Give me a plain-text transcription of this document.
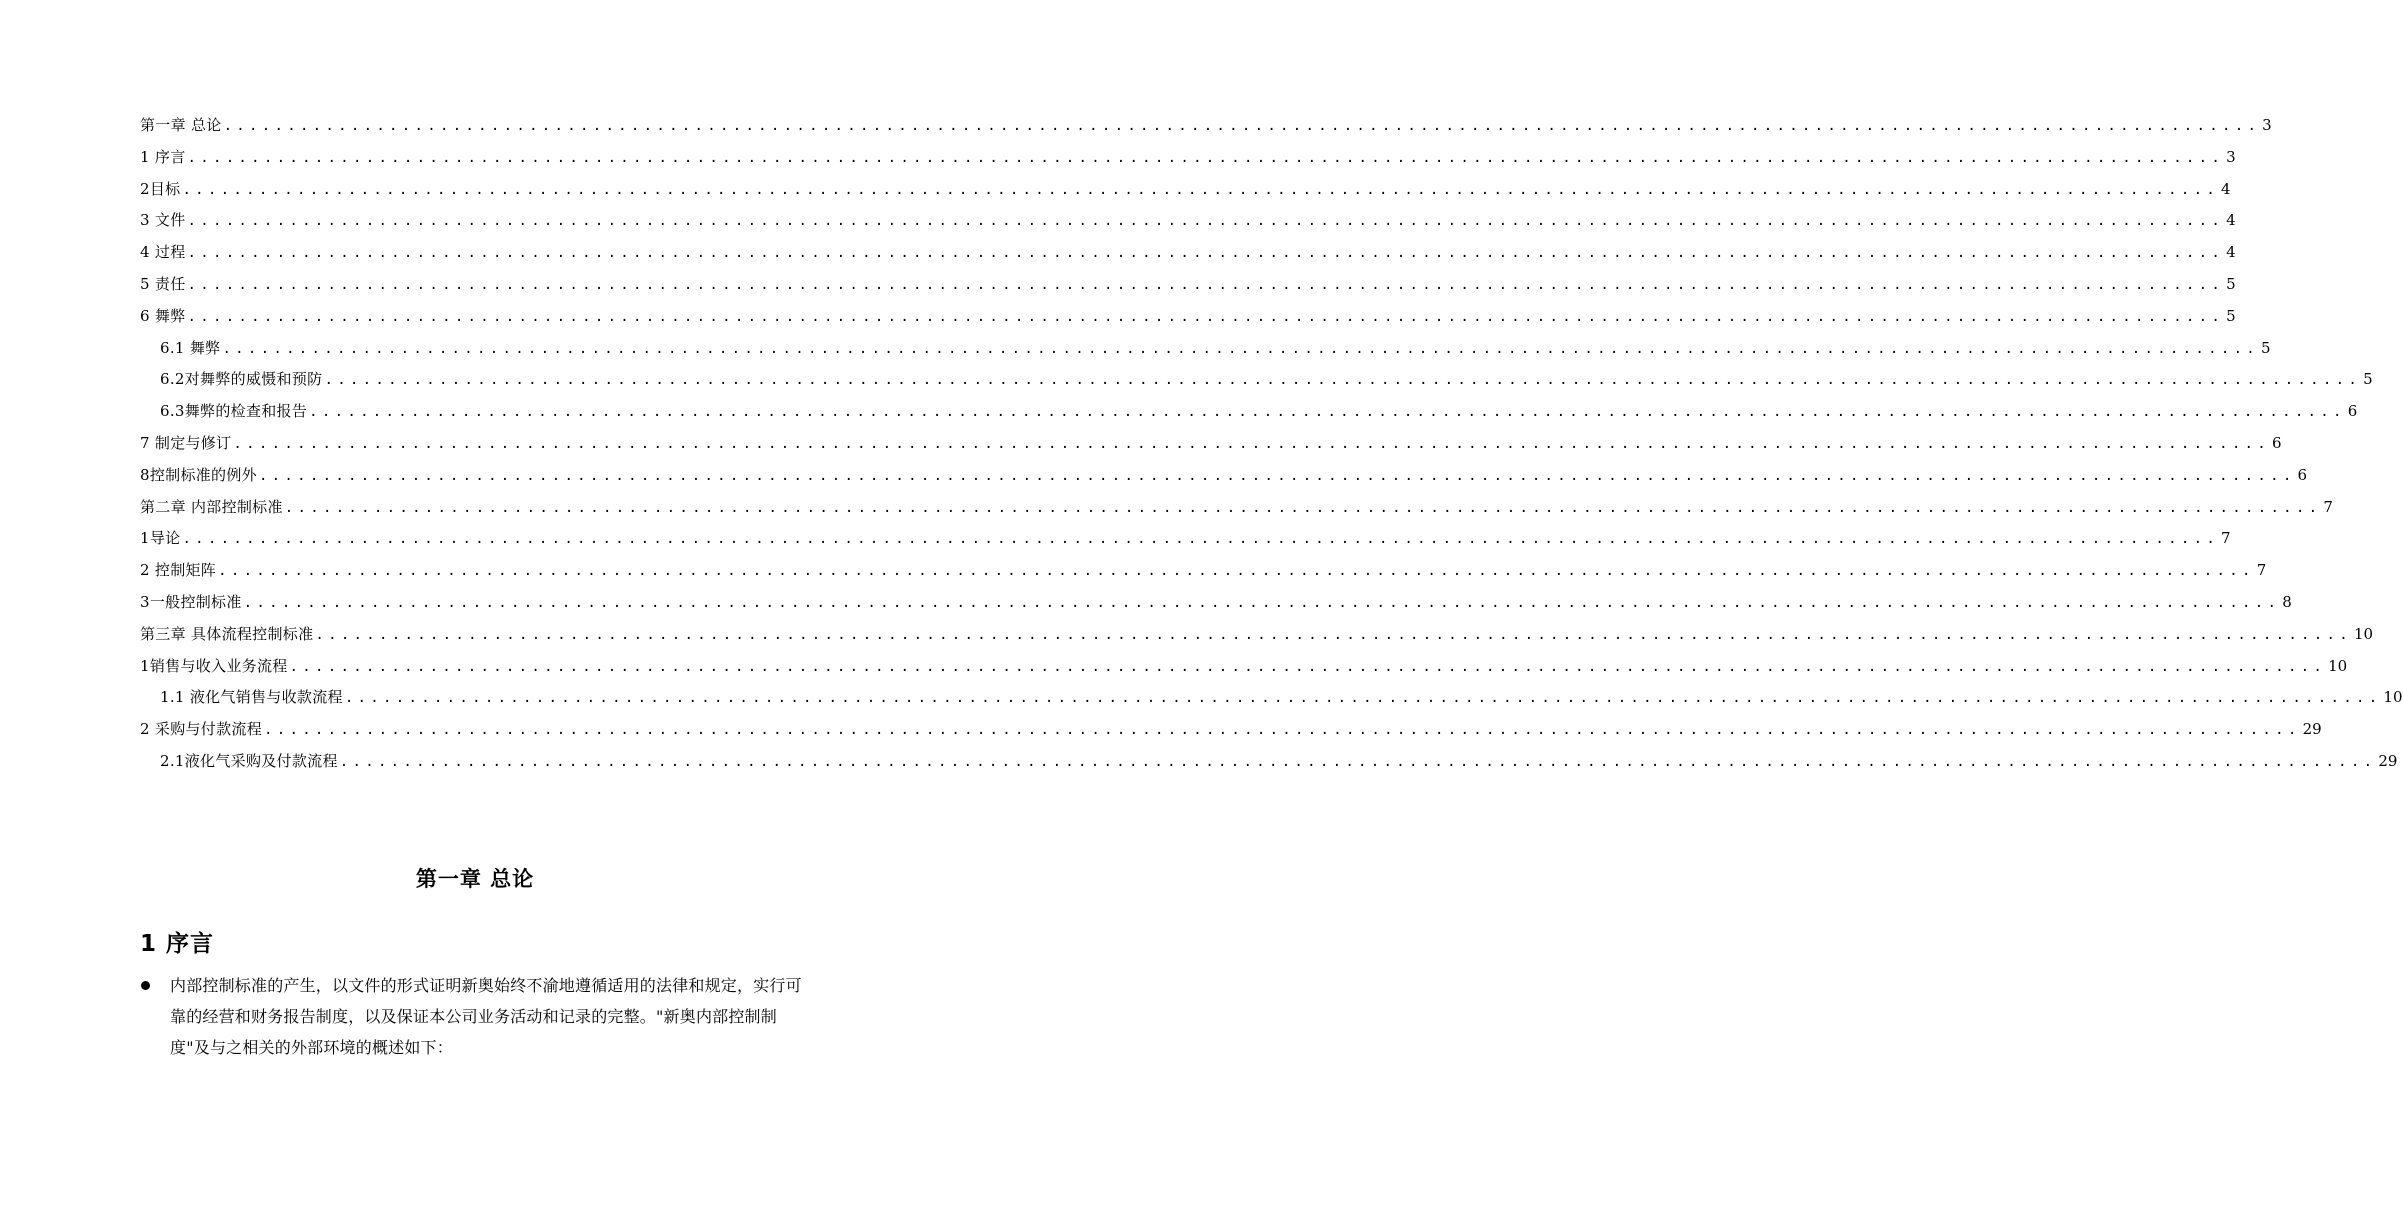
第一章 总论 ................................................................................................................................................................ 3
1 序言 ................................................................................................................................................................ 3
2目标 ................................................................................................................................................................ 4
3 文件 ................................................................................................................................................................ 4
4 过程 ................................................................................................................................................................ 4
5 责任 ................................................................................................................................................................ 5
6 舞弊 ................................................................................................................................................................ 5
6.1 舞弊 ................................................................................................................................................................ 5
6.2对舞弊的威慑和预防 ................................................................................................................................................................ 5
6.3舞弊的检查和报告 ................................................................................................................................................................ 6
7 制定与修订 ................................................................................................................................................................ 6
8控制标准的例外 ................................................................................................................................................................ 6
第二章 内部控制标准 ................................................................................................................................................................ 7
1导论 ................................................................................................................................................................ 7
2 控制矩阵 ................................................................................................................................................................ 7
3一般控制标准 ................................................................................................................................................................ 8
第三章 具体流程控制标准 ................................................................................................................................................................ 10
1销售与收入业务流程 ................................................................................................................................................................ 10
1.1 液化气销售与收款流程 ................................................................................................................................................................ 10
2 采购与付款流程 ................................................................................................................................................................ 29
2.1液化气采购及付款流程 ................................................................................................................................................................ 29
第一章 总论
1 序言
内部控制标准的产生，以文件的形式证明新奥始终不渝地遵循适用的法律和规定，实行可靠的经营和财务报告制度，以及保证本公司业务活动和记录的完整。"新奥内部控制制度"及与之相关的外部环境的概述如下：
